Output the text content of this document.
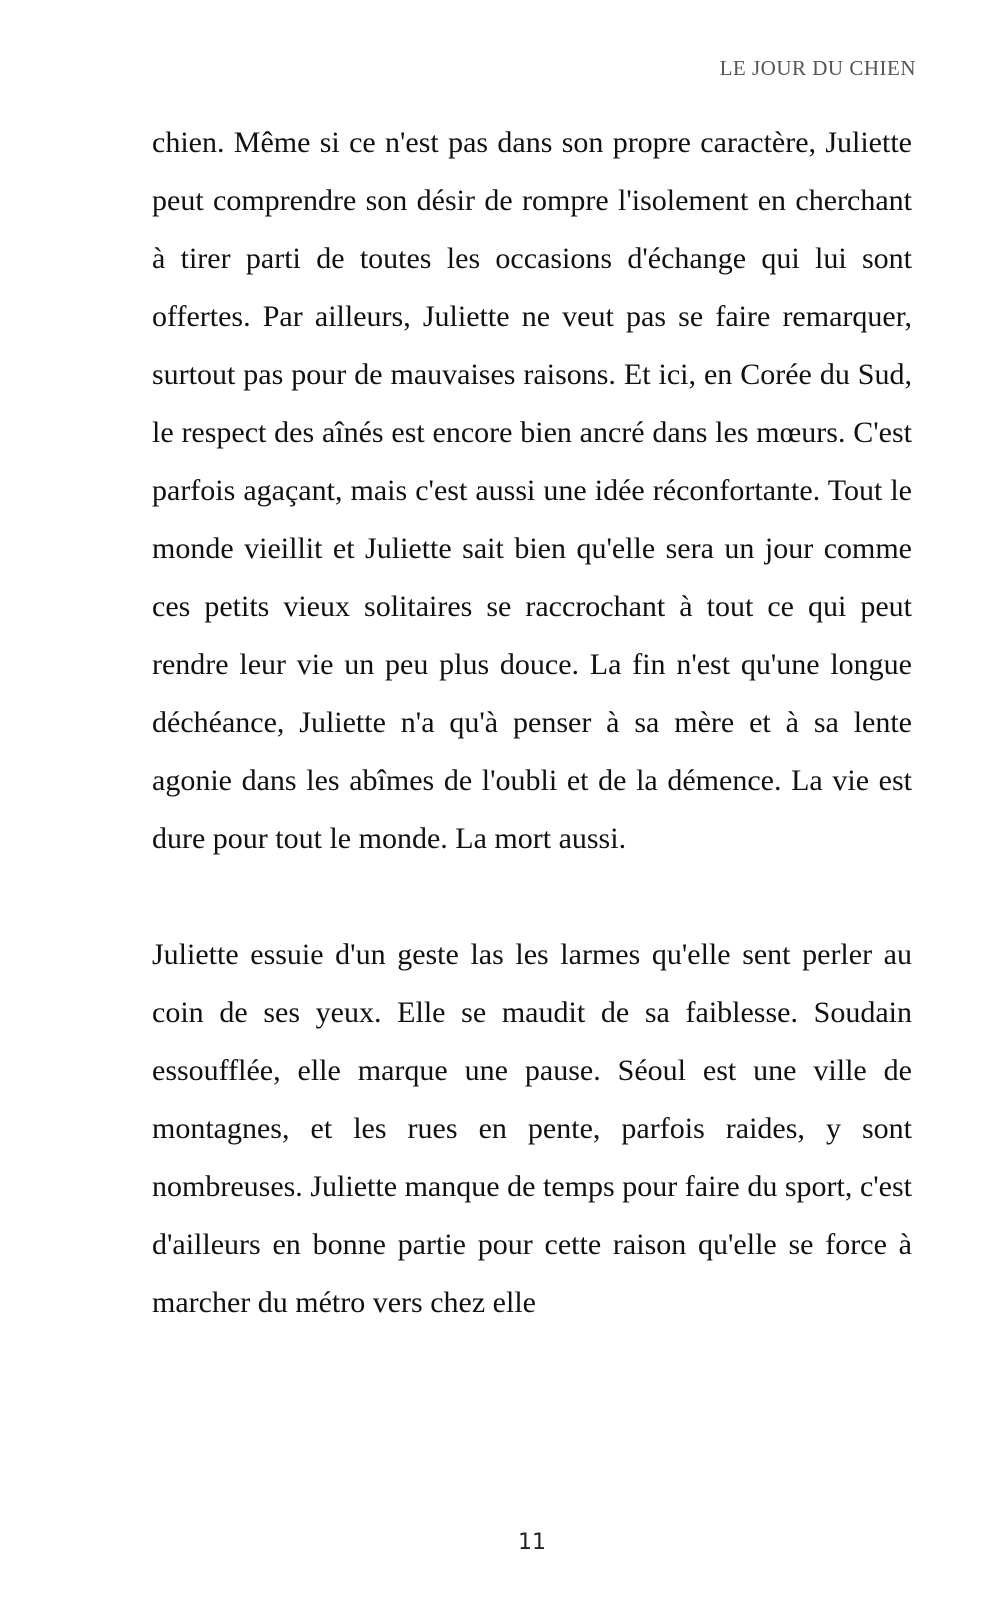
LE JOUR DU CHIEN

chien. Même si ce n'est pas dans son propre caractère, Juliette peut comprendre son désir de rompre l'isolement en cherchant à tirer parti de toutes les occasions d'échange qui lui sont offertes. Par ailleurs, Juliette ne veut pas se faire remarquer, surtout pas pour de mauvaises raisons. Et ici, en Corée du Sud, le respect des aînés est encore bien ancré dans les mœurs. C'est parfois agaçant, mais c'est aussi une idée réconfortante. Tout le monde vieillit et Juliette sait bien qu'elle sera un jour comme ces petits vieux solitaires se raccrochant à tout ce qui peut rendre leur vie un peu plus douce. La fin n'est qu'une longue déchéance, Juliette n'a qu'à penser à sa mère et à sa lente agonie dans les abîmes de l'oubli et de la démence. La vie est dure pour tout le monde. La mort aussi.

Juliette essuie d'un geste las les larmes qu'elle sent perler au coin de ses yeux. Elle se maudit de sa faiblesse. Soudain essoufflée, elle marque une pause. Séoul est une ville de montagnes, et les rues en pente, parfois raides, y sont nombreuses. Juliette manque de temps pour faire du sport, c'est d'ailleurs en bonne partie pour cette raison qu'elle se force à marcher du métro vers chez elle

11
